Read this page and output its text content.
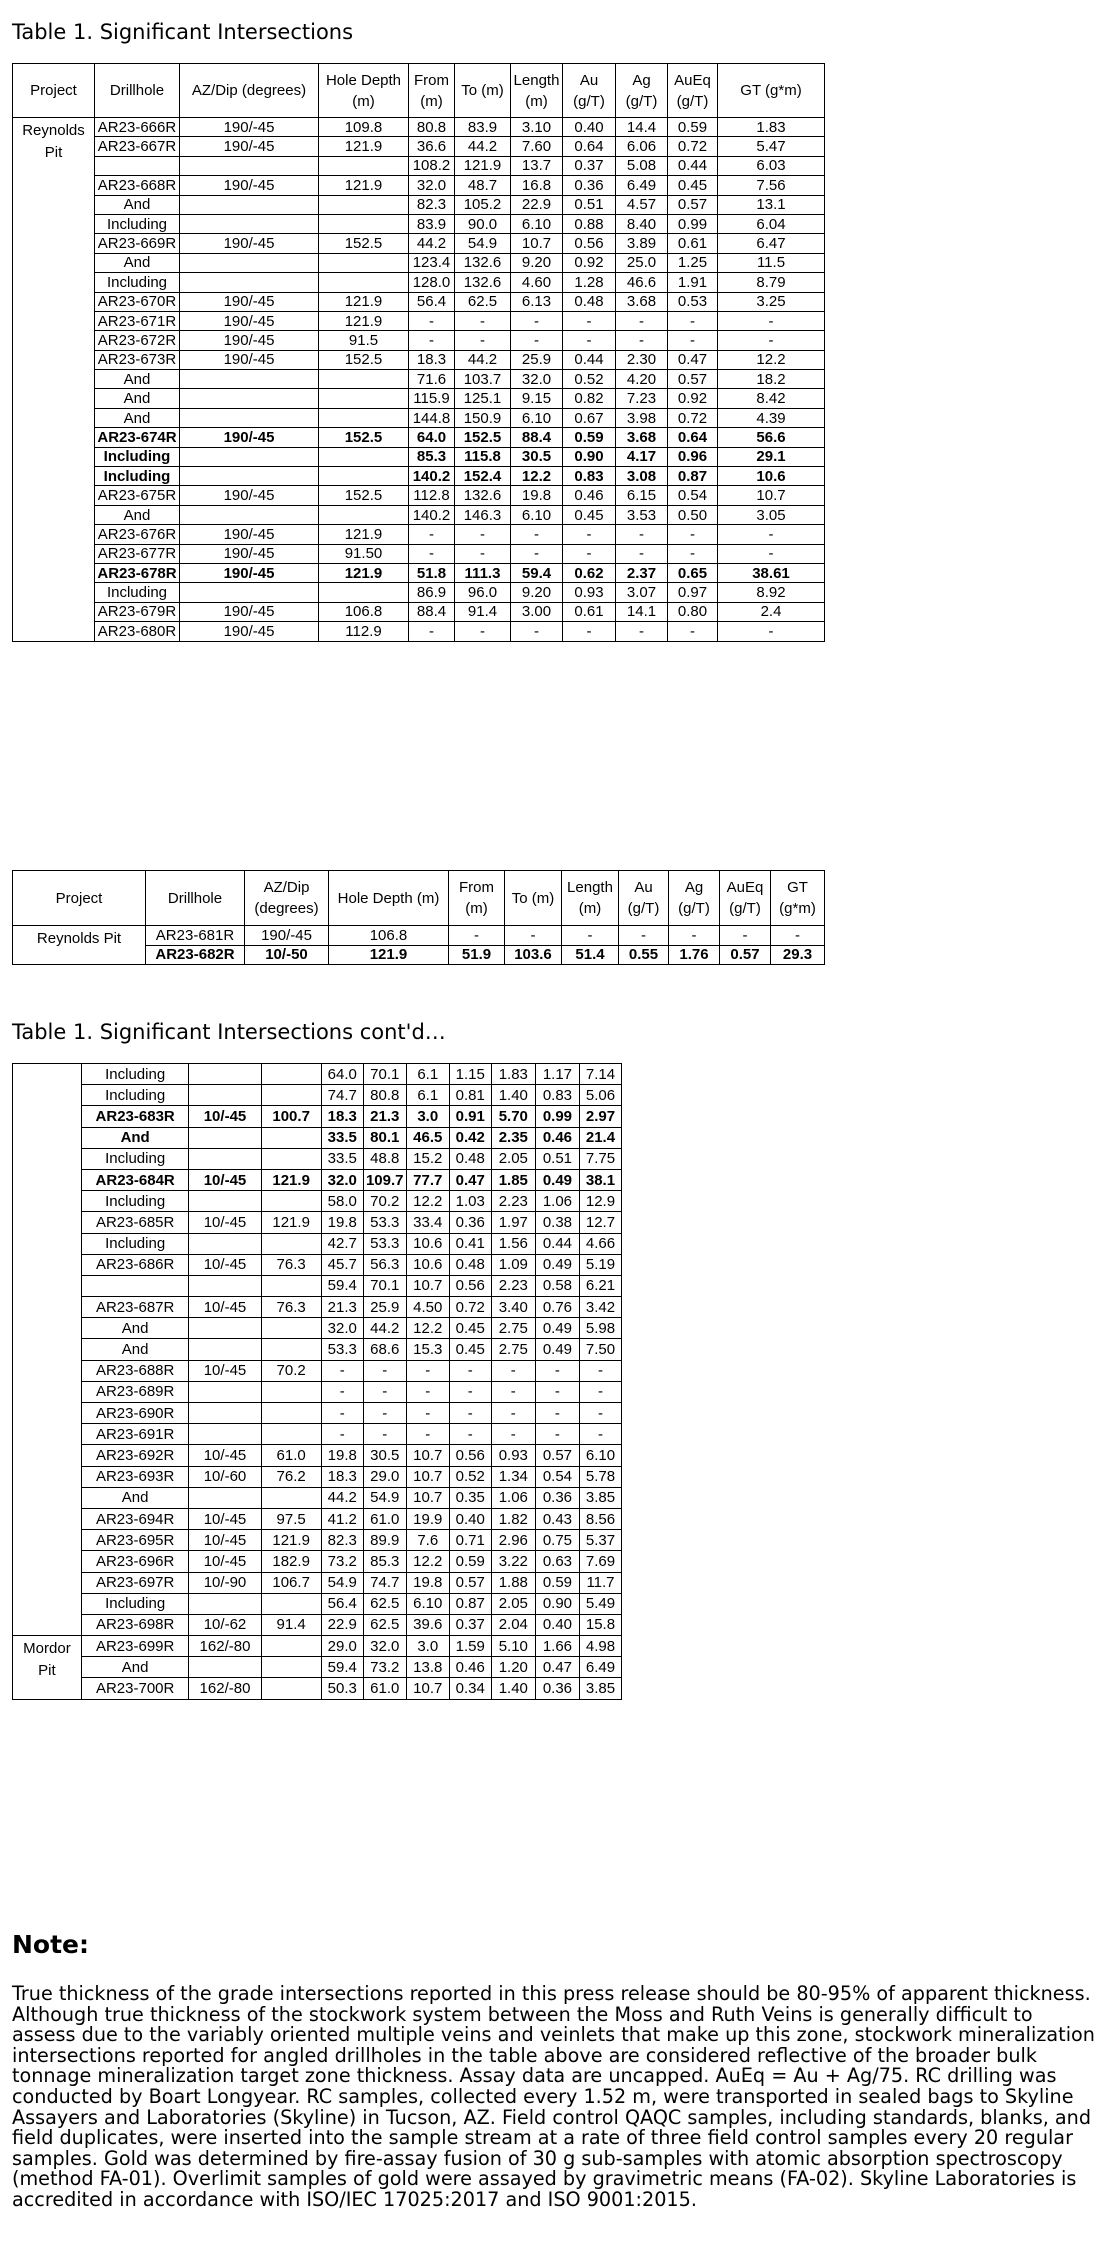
Table 1. Significant Intersections
Project	Drillhole	AZ/Dip (degrees)	Hole Depth (m)	From (m)	To (m)	Length (m)	Au (g/T)	Ag (g/T)	AuEq (g/T)	GT (g*m)
Reynolds Pit	AR23-666R	190/-45	109.8	80.8	83.9	3.10	0.40	14.4	0.59	1.83
	AR23-667R	190/-45	121.9	36.6	44.2	7.60	0.64	6.06	0.72	5.47
				108.2	121.9	13.7	0.37	5.08	0.44	6.03
	AR23-668R	190/-45	121.9	32.0	48.7	16.8	0.36	6.49	0.45	7.56
	And			82.3	105.2	22.9	0.51	4.57	0.57	13.1
	Including			83.9	90.0	6.10	0.88	8.40	0.99	6.04
	AR23-669R	190/-45	152.5	44.2	54.9	10.7	0.56	3.89	0.61	6.47
	And			123.4	132.6	9.20	0.92	25.0	1.25	11.5
	Including			128.0	132.6	4.60	1.28	46.6	1.91	8.79
	AR23-670R	190/-45	121.9	56.4	62.5	6.13	0.48	3.68	0.53	3.25
	AR23-671R	190/-45	121.9	-	-	-	-	-	-	-
	AR23-672R	190/-45	91.5	-	-	-	-	-	-	-
	AR23-673R	190/-45	152.5	18.3	44.2	25.9	0.44	2.30	0.47	12.2
	And			71.6	103.7	32.0	0.52	4.20	0.57	18.2
	And			115.9	125.1	9.15	0.82	7.23	0.92	8.42
	And			144.8	150.9	6.10	0.67	3.98	0.72	4.39
	AR23-674R	190/-45	152.5	64.0	152.5	88.4	0.59	3.68	0.64	56.6
	Including			85.3	115.8	30.5	0.90	4.17	0.96	29.1
	Including			140.2	152.4	12.2	0.83	3.08	0.87	10.6
	AR23-675R	190/-45	152.5	112.8	132.6	19.8	0.46	6.15	0.54	10.7
	And			140.2	146.3	6.10	0.45	3.53	0.50	3.05
	AR23-676R	190/-45	121.9	-	-	-	-	-	-	-
	AR23-677R	190/-45	91.50	-	-	-	-	-	-	-
	AR23-678R	190/-45	121.9	51.8	111.3	59.4	0.62	2.37	0.65	38.61
	Including			86.9	96.0	9.20	0.93	3.07	0.97	8.92
	AR23-679R	190/-45	106.8	88.4	91.4	3.00	0.61	14.1	0.80	2.4
	AR23-680R	190/-45	112.9	-	-	-	-	-	-	-
Project	Drillhole	AZ/Dip (degrees)	Hole Depth (m)	From (m)	To (m)	Length (m)	Au (g/T)	Ag (g/T)	AuEq (g/T)	GT (g*m)
Reynolds Pit	AR23-681R	190/-45	106.8	-	-	-	-	-	-	-
	AR23-682R	10/-50	121.9	51.9	103.6	51.4	0.55	1.76	0.57	29.3
Table 1. Significant Intersections cont'd…
	Including			64.0	70.1	6.1	1.15	1.83	1.17	7.14
	Including			74.7	80.8	6.1	0.81	1.40	0.83	5.06
	AR23-683R	10/-45	100.7	18.3	21.3	3.0	0.91	5.70	0.99	2.97
	And			33.5	80.1	46.5	0.42	2.35	0.46	21.4
	Including			33.5	48.8	15.2	0.48	2.05	0.51	7.75
	AR23-684R	10/-45	121.9	32.0	109.7	77.7	0.47	1.85	0.49	38.1
	Including			58.0	70.2	12.2	1.03	2.23	1.06	12.9
	AR23-685R	10/-45	121.9	19.8	53.3	33.4	0.36	1.97	0.38	12.7
	Including			42.7	53.3	10.6	0.41	1.56	0.44	4.66
	AR23-686R	10/-45	76.3	45.7	56.3	10.6	0.48	1.09	0.49	5.19
				59.4	70.1	10.7	0.56	2.23	0.58	6.21
	AR23-687R	10/-45	76.3	21.3	25.9	4.50	0.72	3.40	0.76	3.42
	And			32.0	44.2	12.2	0.45	2.75	0.49	5.98
	And			53.3	68.6	15.3	0.45	2.75	0.49	7.50
	AR23-688R	10/-45	70.2	-	-	-	-	-	-	-
	AR23-689R			-	-	-	-	-	-	-
	AR23-690R			-	-	-	-	-	-	-
	AR23-691R			-	-	-	-	-	-	-
	AR23-692R	10/-45	61.0	19.8	30.5	10.7	0.56	0.93	0.57	6.10
	AR23-693R	10/-60	76.2	18.3	29.0	10.7	0.52	1.34	0.54	5.78
	And			44.2	54.9	10.7	0.35	1.06	0.36	3.85
	AR23-694R	10/-45	97.5	41.2	61.0	19.9	0.40	1.82	0.43	8.56
	AR23-695R	10/-45	121.9	82.3	89.9	7.6	0.71	2.96	0.75	5.37
	AR23-696R	10/-45	182.9	73.2	85.3	12.2	0.59	3.22	0.63	7.69
	AR23-697R	10/-90	106.7	54.9	74.7	19.8	0.57	1.88	0.59	11.7
	Including			56.4	62.5	6.10	0.87	2.05	0.90	5.49
	AR23-698R	10/-62	91.4	22.9	62.5	39.6	0.37	2.04	0.40	15.8
Mordor Pit	AR23-699R	162/-80		29.0	32.0	3.0	1.59	5.10	1.66	4.98
	And			59.4	73.2	13.8	0.46	1.20	0.47	6.49
	AR23-700R	162/-80		50.3	61.0	10.7	0.34	1.40	0.36	3.85
Note:
True thickness of the grade intersections reported in this press release should be 80-95% of apparent thickness. Although true thickness of the stockwork system between the Moss and Ruth Veins is generally difficult to assess due to the variably oriented multiple veins and veinlets that make up this zone, stockwork mineralization intersections reported for angled drillholes in the table above are considered reflective of the broader bulk tonnage mineralization target zone thickness. Assay data are uncapped. AuEq = Au + Ag/75. RC drilling was conducted by Boart Longyear. RC samples, collected every 1.52 m, were transported in sealed bags to Skyline Assayers and Laboratories (Skyline) in Tucson, AZ. Field control QAQC samples, including standards, blanks, and field duplicates, were inserted into the sample stream at a rate of three field control samples every 20 regular samples. Gold was determined by fire-assay fusion of 30 g sub-samples with atomic absorption spectroscopy (method FA-01). Overlimit samples of gold were assayed by gravimetric means (FA-02). Skyline Laboratories is accredited in accordance with ISO/IEC 17025:2017 and ISO 9001:2015.
